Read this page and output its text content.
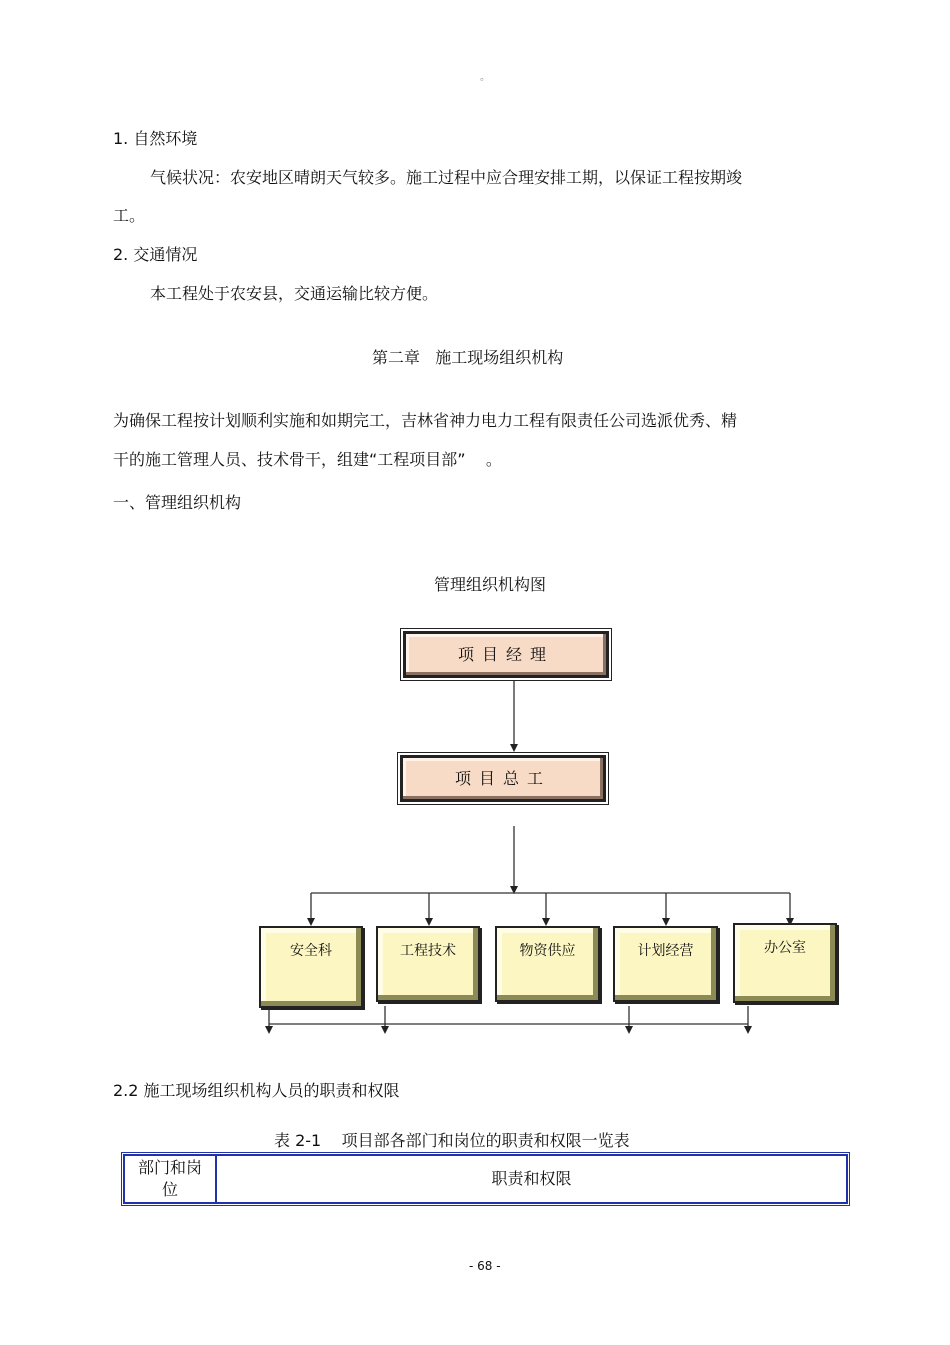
。
1. 自然环境
气候状况：农安地区晴朗天气较多。施工过程中应合理安排工期，以保证工程按期竣
工。
2. 交通情况
本工程处于农安县，交通运输比较方便。
第二章   施工现场组织机构
为确保工程按计划顺利实施和如期完工，吉林省神力电力工程有限责任公司选派优秀、精
干的施工管理人员、技术骨干，组建“工程项目部”    。
一、管理组织机构
管理组织机构图
项目经理
项目总工
安全科	工程技术	物资供应	计划经营	办公室
2.2 施工现场组织机构人员的职责和权限
表 2-1    项目部各部门和岗位的职责和权限一览表
部门和岗
位
	职责和权限
- 68 -
